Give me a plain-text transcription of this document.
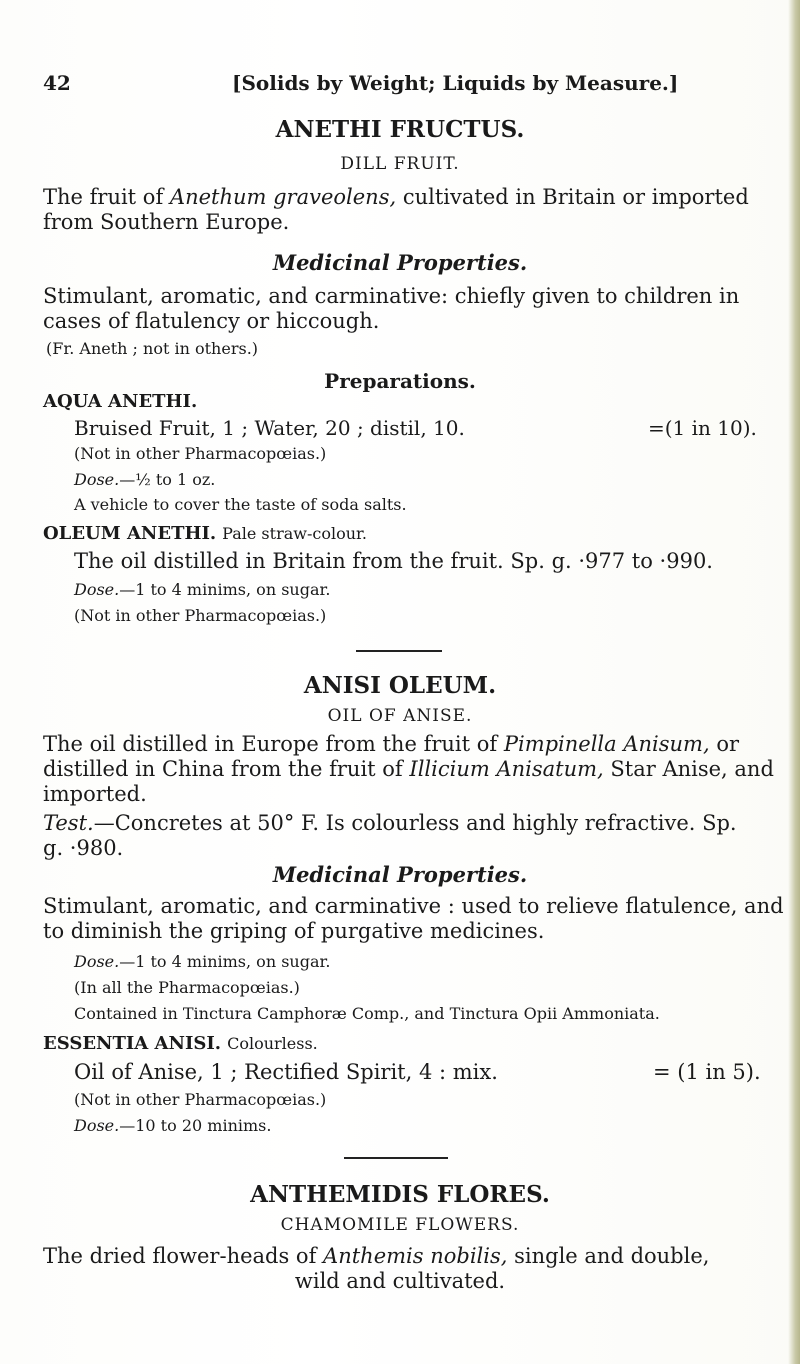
42	[Solids by Weight; Liquids by Measure.]
ANETHI FRUCTUS.
DILL FRUIT.
The fruit of Anethum graveolens, cultivated in Britain or imported
from Southern Europe.
Medicinal Properties.
Stimulant, aromatic, and carminative: chiefly given to children in
cases of flatulency or hiccough.
(Fr. Aneth ; not in others.)
Preparations.
AQUA ANETHI.
Bruised Fruit, 1 ; Water, 20 ; distil, 10.	=(1 in 10).
(Not in other Pharmacopœias.)
Dose.—½ to 1 oz.
A vehicle to cover the taste of soda salts.
OLEUM ANETHI. Pale straw-colour.
The oil distilled in Britain from the fruit. Sp. g. ·977 to ·990.
Dose.—1 to 4 minims, on sugar.
(Not in other Pharmacopœias.)
ANISI OLEUM.
OIL OF ANISE.
The oil distilled in Europe from the fruit of Pimpinella Anisum, or
distilled in China from the fruit of Illicium Anisatum, Star Anise, and
imported.
Test.—Concretes at 50° F. Is colourless and highly refractive. Sp.
g. ·980.
Medicinal Properties.
Stimulant, aromatic, and carminative : used to relieve flatulence, and
to diminish the griping of purgative medicines.
Dose.—1 to 4 minims, on sugar.
(In all the Pharmacopœias.)
Contained in Tinctura Camphoræ Comp., and Tinctura Opii Ammoniata.
ESSENTIA ANISI. Colourless.
Oil of Anise, 1 ; Rectified Spirit, 4 : mix.	= (1 in 5).
(Not in other Pharmacopœias.)
Dose.—10 to 20 minims.
ANTHEMIDIS FLORES.
CHAMOMILE FLOWERS.
The dried flower-heads of Anthemis nobilis, single and double,
wild and cultivated.
